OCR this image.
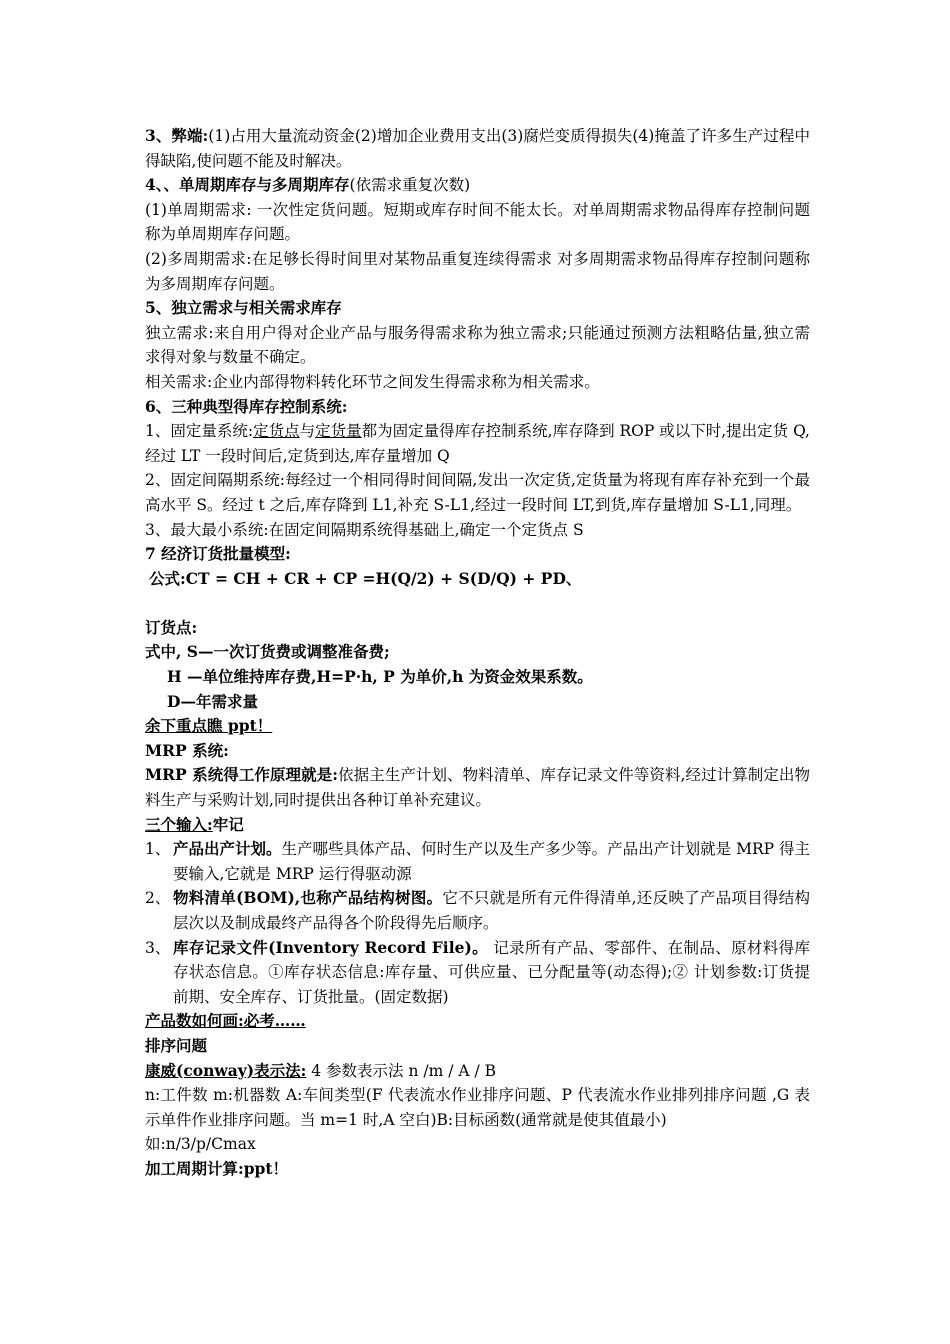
3、弊端:(1)占用大量流动资金(2)增加企业费用支出(3)腐烂变质得损失(4)掩盖了许多生产过程中得缺陷,使问题不能及时解决。

4、、单周期库存与多周期库存(依需求重复次数)

(1)单周期需求: 一次性定货问题。短期或库存时间不能太长。对单周期需求物品得库存控制问题称为单周期库存问题。

(2)多周期需求:在足够长得时间里对某物品重复连续得需求 对多周期需求物品得库存控制问题称为多周期库存问题。

5、独立需求与相关需求库存

独立需求:来自用户得对企业产品与服务得需求称为独立需求;只能通过预测方法粗略估量,独立需求得对象与数量不确定。

相关需求:企业内部得物料转化环节之间发生得需求称为相关需求。

6、三种典型得库存控制系统:

1、固定量系统:定货点与定货量都为固定量得库存控制系统,库存降到 ROP 或以下时,提出定货 Q,经过 LT 一段时间后,定货到达,库存量增加 Q

2、固定间隔期系统:每经过一个相同得时间间隔,发出一次定货,定货量为将现有库存补充到一个最高水平 S。经过 t 之后,库存降到 L1,补充 S-L1,经过一段时间 LT,到货,库存量增加 S-L1,同理。

3、最大最小系统:在固定间隔期系统得基础上,确定一个定货点 S

7 经济订货批量模型:

公式:CT = CH + CR + CP =H(Q/2) + S(D/Q) + PD、

订货点:

式中, S—一次订货费或调整准备费;

H —单位维持库存费,H=P·h, P 为单价,h 为资金效果系数。

D—年需求量

余下重点瞧 ppt！

MRP 系统:

MRP 系统得工作原理就是:依据主生产计划、物料清单、库存记录文件等资料,经过计算制定出物料生产与采购计划,同时提供出各种订单补充建议。

三个输入:牢记

1、 产品出产计划。生产哪些具体产品、何时生产以及生产多少等。产品出产计划就是 MRP 得主要输入,它就是 MRP 运行得驱动源
2、 物料清单(BOM),也称产品结构树图。它不只就是所有元件得清单,还反映了产品项目得结构层次以及制成最终产品得各个阶段得先后顺序。
3、 库存记录文件(Inventory Record File)。 记录所有产品、零部件、在制品、原材料得库存状态信息。①库存状态信息:库存量、可供应量、已分配量等(动态得);② 计划参数:订货提前期、安全库存、订货批量。(固定数据)

产品数如何画:必考……

排序问题

康威(conway)表示法: 4 参数表示法 n /m / A / B

n:工件数 m:机器数 A:车间类型(F 代表流水作业排序问题、P 代表流水作业排列排序问题 ,G 表示单件作业排序问题。当 m=1 时,A 空白)B:目标函数(通常就是使其值最小)

如:n/3/p/Cmax

加工周期计算:ppt！
